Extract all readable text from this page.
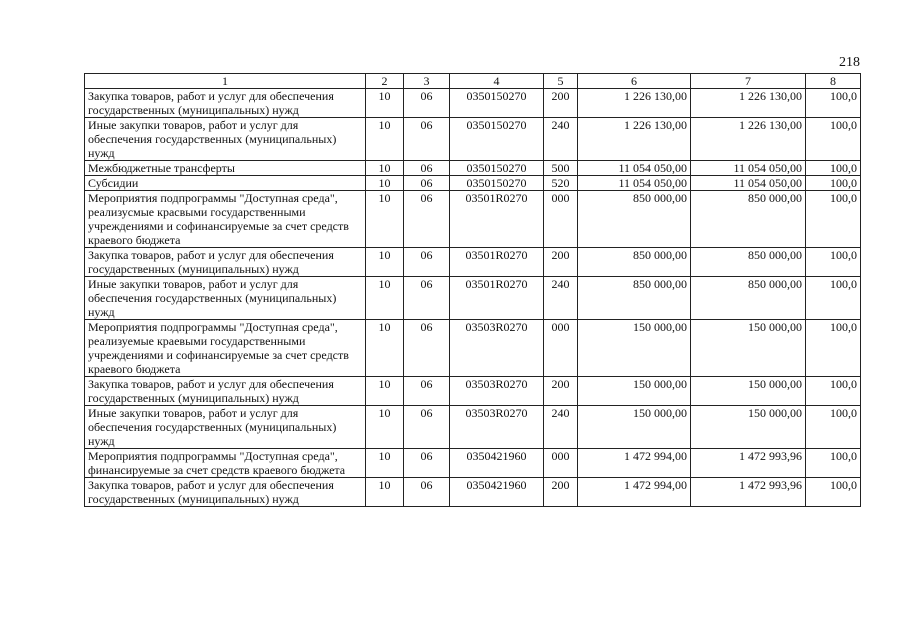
218
1	2	3	4	5	6	7	8
Закупка товаров, работ и услуг для обеспечения государственных (муниципальных) нужд	10	06	0350150270	200	1 226 130,00	1 226 130,00	100,0
Иные закупки товаров, работ и услуг для обеспечения государственных (муниципальных) нужд	10	06	0350150270	240	1 226 130,00	1 226 130,00	100,0
Межбюджетные трансферты	10	06	0350150270	500	11 054 050,00	11 054 050,00	100,0
Субсидии	10	06	0350150270	520	11 054 050,00	11 054 050,00	100,0
Мероприятия подпрограммы "Доступная среда", реализусмые красвыми государственными учреждениями и софинансируемые за счет средств краевого бюджета	10	06	03501R0270	000	850 000,00	850 000,00	100,0
Закупка товаров, работ и услуг для обеспечения государственных (муниципальных) нужд	10	06	03501R0270	200	850 000,00	850 000,00	100,0
Иные закупки товаров, работ и услуг для обеспечения государственных (муниципальных) нужд	10	06	03501R0270	240	850 000,00	850 000,00	100,0
Мероприятия подпрограммы "Доступная среда", реализуемые краевыми государственными учреждениями и софинансируемые за счет средств краевого бюджета	10	06	03503R0270	000	150 000,00	150 000,00	100,0
Закупка товаров, работ и услуг для обеспечения государственных (муниципальных) нужд	10	06	03503R0270	200	150 000,00	150 000,00	100,0
Иные закупки товаров, работ и услуг для обеспечения государственных (муниципальных) нужд	10	06	03503R0270	240	150 000,00	150 000,00	100,0
Мероприятия подпрограммы "Доступная среда", финансируемые за счет средств краевого бюджета	10	06	0350421960	000	1 472 994,00	1 472 993,96	100,0
Закупка товаров, работ и услуг для обеспечения государственных (муниципальных) нужд	10	06	0350421960	200	1 472 994,00	1 472 993,96	100,0
